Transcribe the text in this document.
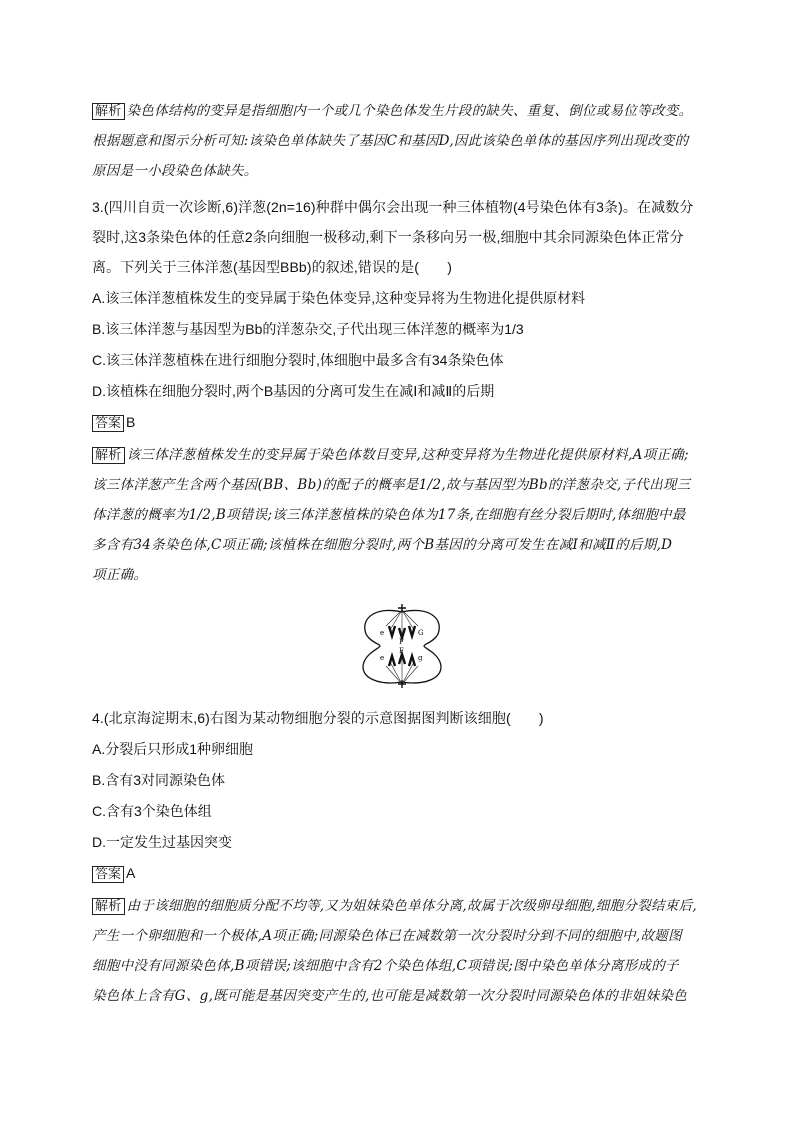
解析 染色体结构的变异是指细胞内一个或几个染色体发生片段的缺失、重复、倒位或易位等改变。
根据题意和图示分析可知:该染色单体缺失了基因C和基因D,因此该染色单体的基因序列出现改变的
原因是一小段染色体缺失。
3.(四川自贡一次诊断,6)洋葱(2n=16)种群中偶尔会出现一种三体植物(4号染色体有3条)。在减数分
裂时,这3条染色体的任意2条向细胞一极移动,剩下一条移向另一极,细胞中其余同源染色体正常分
离。下列关于三体洋葱(基因型BBb)的叙述,错误的是(　　)
A.该三体洋葱植株发生的变异属于染色体变异,这种变异将为生物进化提供原材料
B.该三体洋葱与基因型为Bb的洋葱杂交,子代出现三体洋葱的概率为1/3
C.该三体洋葱植株在进行细胞分裂时,体细胞中最多含有34条染色体
D.该植株在细胞分裂时,两个B基因的分离可发生在减Ⅰ和减Ⅱ的后期
答案 B
解析 该三体洋葱植株发生的变异属于染色体数目变异,这种变异将为生物进化提供原材料,A项正确;
该三体洋葱产生含两个基因(BB、Bb)的配子的概率是1/2,故与基因型为Bb的洋葱杂交,子代出现三
体洋葱的概率为1/2,B项错误;该三体洋葱植株的染色体为17条,在细胞有丝分裂后期时,体细胞中最
多含有34条染色体,C项正确;该植株在细胞分裂时,两个B基因的分离可发生在减Ⅰ和减Ⅱ的后期,D
项正确。
e
F
G
e
F
g
4.(北京海淀期末,6)右图为某动物细胞分裂的示意图据图判断该细胞(　　)
A.分裂后只形成1种卵细胞
B.含有3对同源染色体
C.含有3个染色体组
D.一定发生过基因突变
答案 A
解析 由于该细胞的细胞质分配不均等,又为姐妹染色单体分离,故属于次级卵母细胞,细胞分裂结束后,
产生一个卵细胞和一个极体,A项正确;同源染色体已在减数第一次分裂时分到不同的细胞中,故题图
细胞中没有同源染色体,B项错误;该细胞中含有2个染色体组,C项错误;图中染色单体分离形成的子
染色体上含有G、g,既可能是基因突变产生的,也可能是减数第一次分裂时同源染色体的非姐妹染色
